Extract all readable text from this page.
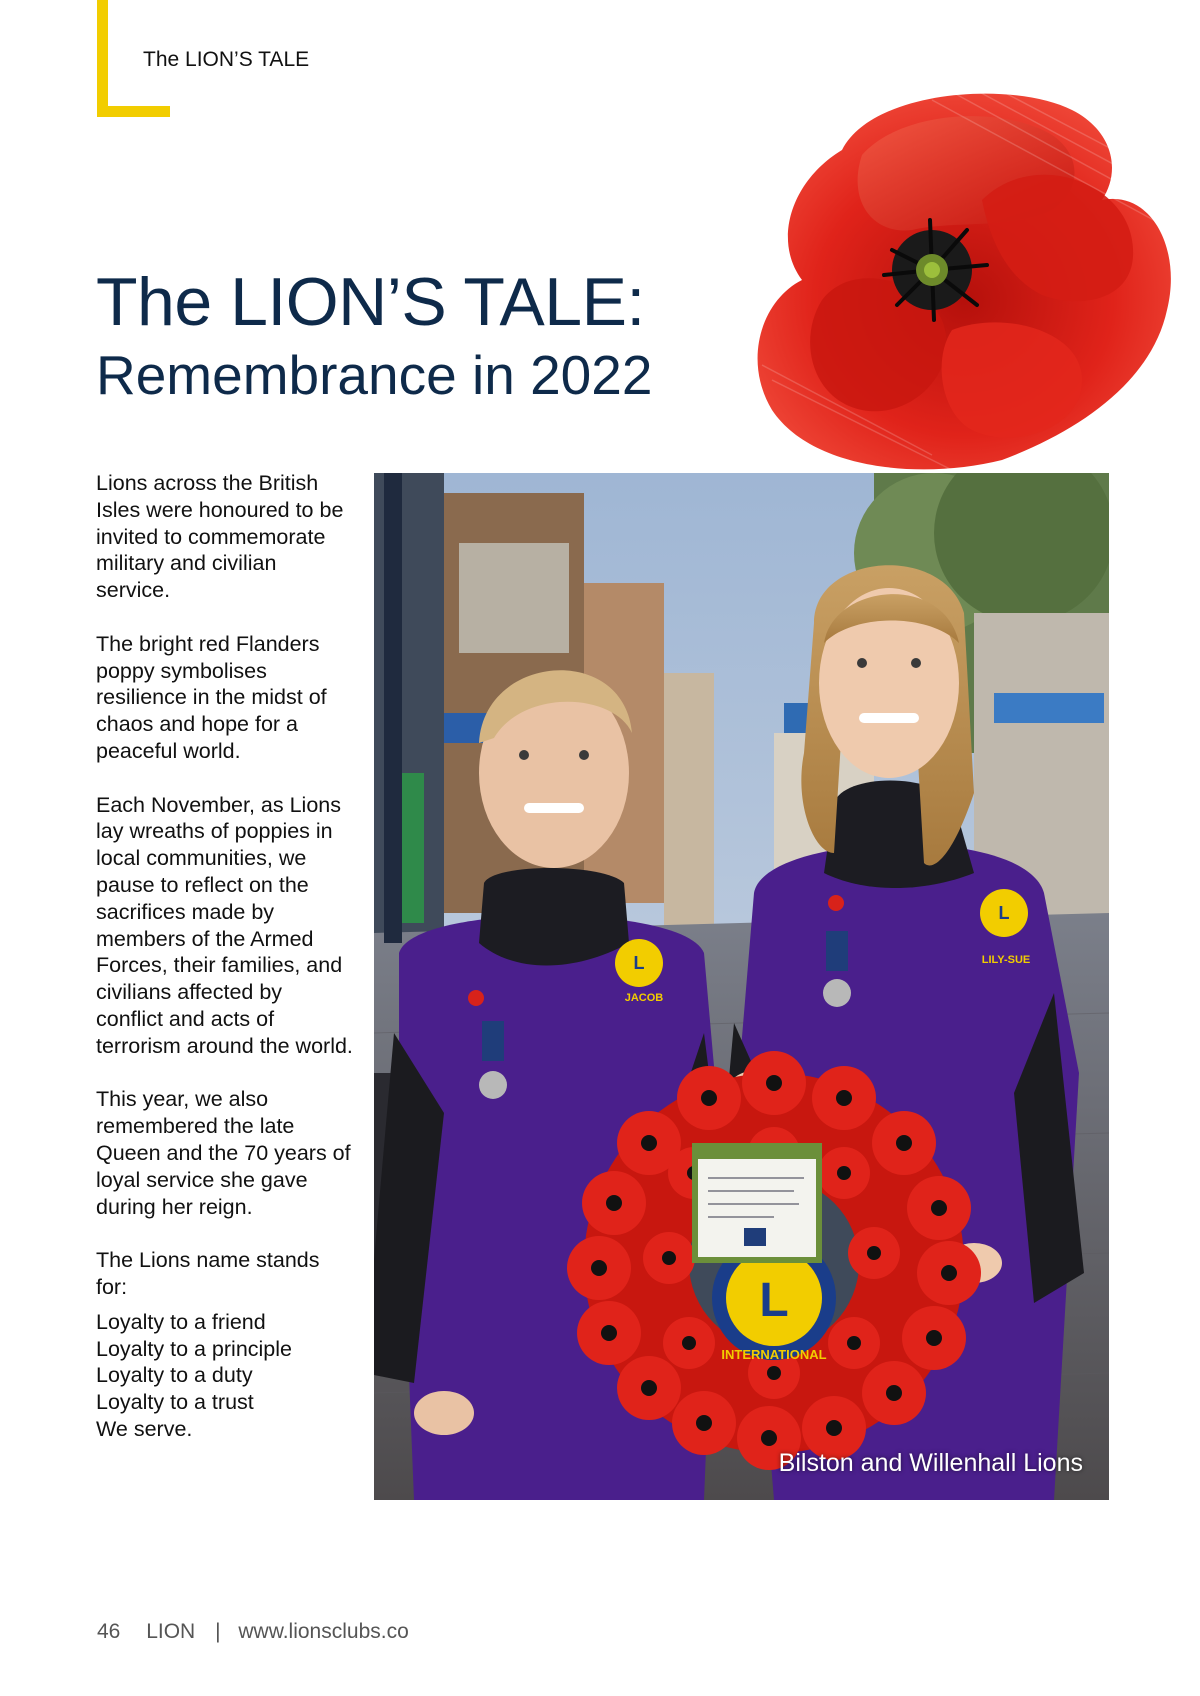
The LION’S TALE
The LION’S TALE:
Remembrance in 2022

Lions across the British Isles were honoured to be invited to commemorate military and civilian service.

The bright red Flanders poppy symbolises resilience in the midst of chaos and hope for a peaceful world.

Each November, as Lions lay wreaths of poppies in local communities, we pause to reflect on the sacrifices made by members of the Armed Forces, their families, and civilians affected by conflict and acts of terrorism around the world.

This year, we also remembered the late Queen and the 70 years of loyal service she gave during her reign.

The Lions name stands for:

Loyalty to a friend
Loyalty to a principle
Loyalty to a duty
Loyalty to a trust
We serve.
L
JACOB
L
LILY-SUE
L
INTERNATIONAL
Bilston and Willenhall Lions
46 LION | www.lionsclubs.co
